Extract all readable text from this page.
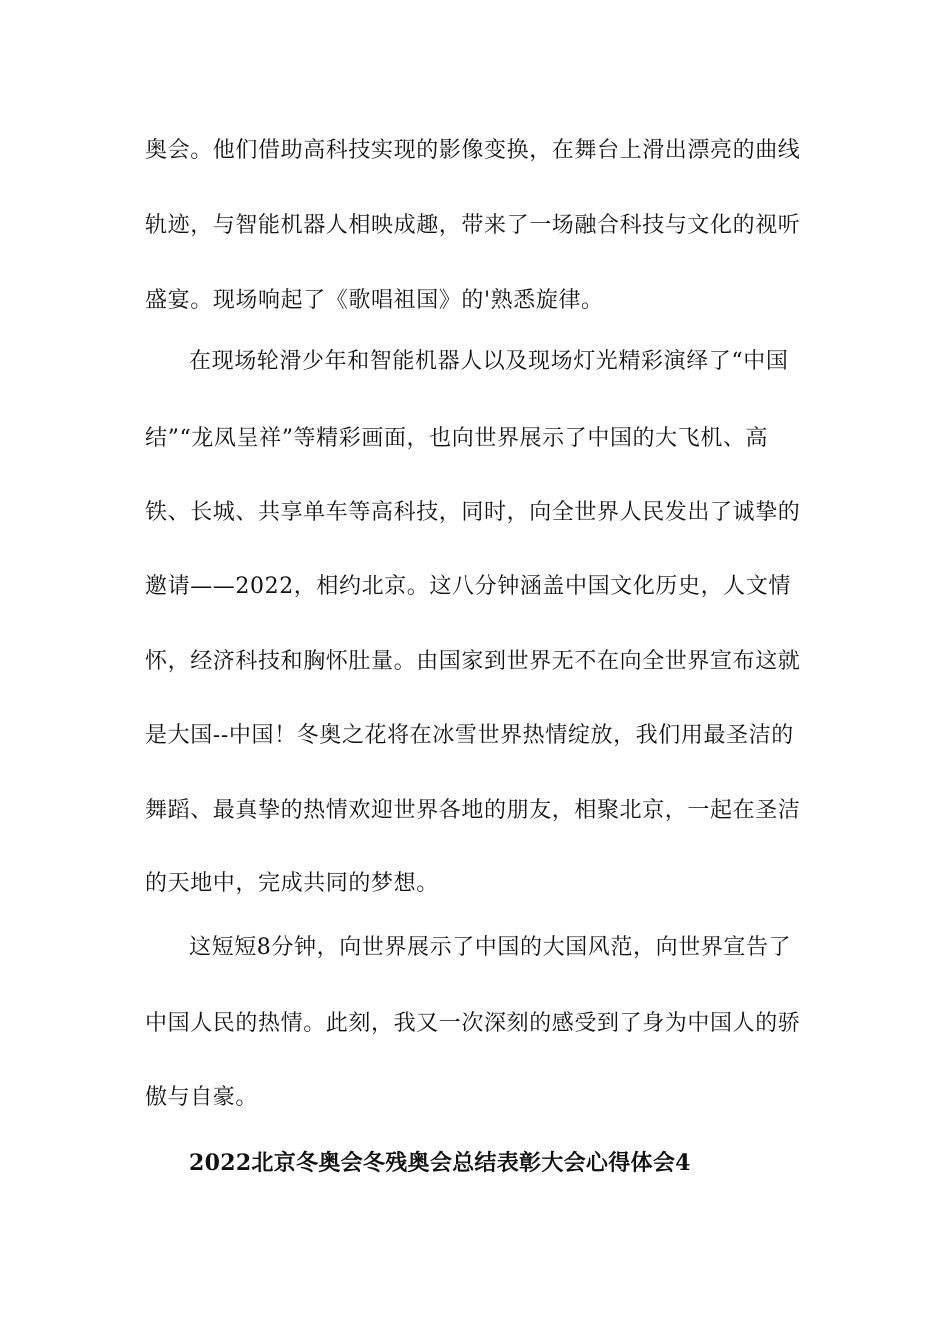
奥会。他们借助高科技实现的影像变换，在舞台上滑出漂亮的曲线
轨迹，与智能机器人相映成趣，带来了一场融合科技与文化的视听
盛宴。现场响起了《歌唱祖国》的'熟悉旋律。
在现场轮滑少年和智能机器人以及现场灯光精彩演绎了“中国
结”“龙凤呈祥”等精彩画面，也向世界展示了中国的大飞机、高
铁、长城、共享单车等高科技，同时，向全世界人民发出了诚挚的
邀请——2022，相约北京。这八分钟涵盖中国文化历史，人文情
怀，经济科技和胸怀肚量。由国家到世界无不在向全世界宣布这就
是大国--中国！冬奥之花将在冰雪世界热情绽放，我们用最圣洁的
舞蹈、最真挚的热情欢迎世界各地的朋友，相聚北京，一起在圣洁
的天地中，完成共同的梦想。
这短短8分钟，向世界展示了中国的大国风范，向世界宣告了
中国人民的热情。此刻，我又一次深刻的感受到了身为中国人的骄
傲与自豪。
2022北京冬奥会冬残奥会总结表彰大会心得体会4
